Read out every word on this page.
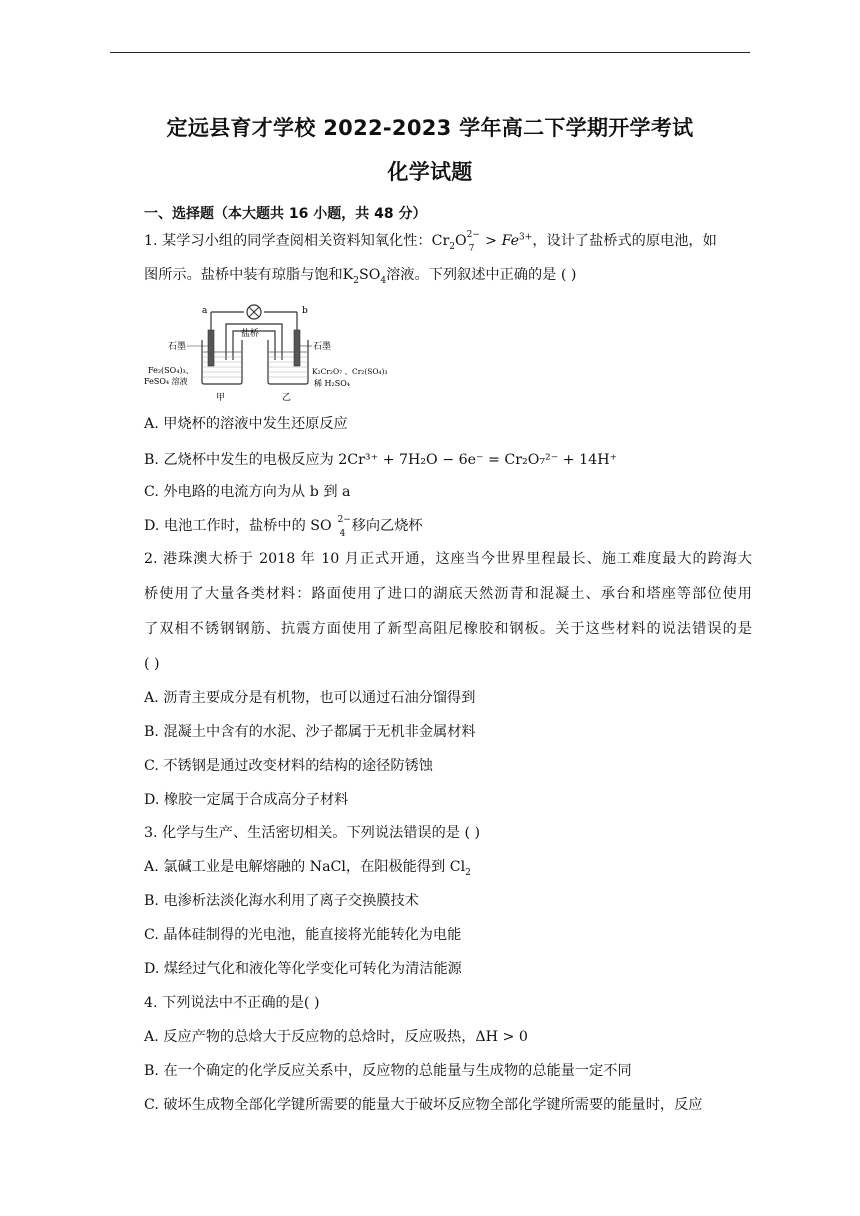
定远县育才学校 2022-2023 学年高二下学期开学考试
化学试题
一、选择题（本大题共 16 小题，共 48 分）
1. 某学习小组的同学查阅相关资料知氧化性：$Cr_2O$ 2−
$7 > Fe^{3+}$，设计了盐桥式的原电池，如
图所示。盐桥中装有琼脂与饱和$K_2SO_4$溶液。下列叙述中正确的是 ( )
a	b
盐桥
石墨	石墨
Fe₂(SO₄)₃、
FeSO₄ 溶液
K₂Cr₂O₇ 、Cr₂(SO₄)₃
稀 H₂SO₄
甲	乙
A. 甲烧杯的溶液中发生还原反应
B. 乙烧杯中发生的电极反应为 2Cr³⁺ + 7H₂O − 6e⁻ = Cr₂O₇²⁻ + 14H⁺
C. 外电路的电流方向为从 b 到 a
D. 电池工作时，盐桥中的 SO 2−
4 移向乙烧杯
2. 港珠澳大桥于 2018 年 10 月正式开通，这座当今世界里程最长、施工难度最大的跨海大
桥使用了大量各类材料：路面使用了进口的湖底天然沥青和混凝土、承台和塔座等部位使用
了双相不锈钢钢筋、抗震方面使用了新型高阻尼橡胶和钢板。关于这些材料的说法错误的是
( )
A. 沥青主要成分是有机物，也可以通过石油分馏得到
B. 混凝土中含有的水泥、沙子都属于无机非金属材料
C. 不锈钢是通过改变材料的结构的途径防锈蚀
D. 橡胶一定属于合成高分子材料
3. 化学与生产、生活密切相关。下列说法错误的是 ( )
A. 氯碱工业是电解熔融的 NaCl，在阳极能得到 $Cl_2$
B. 电渗析法淡化海水利用了离子交换膜技术
C. 晶体硅制得的光电池，能直接将光能转化为电能
D. 煤经过气化和液化等化学变化可转化为清洁能源
4. 下列说法中不正确的是( )
A. 反应产物的总焓大于反应物的总焓时，反应吸热，ΔH > 0
B. 在一个确定的化学反应关系中，反应物的总能量与生成物的总能量一定不同
C. 破坏生成物全部化学键所需要的能量大于破坏反应物全部化学键所需要的能量时，反应
